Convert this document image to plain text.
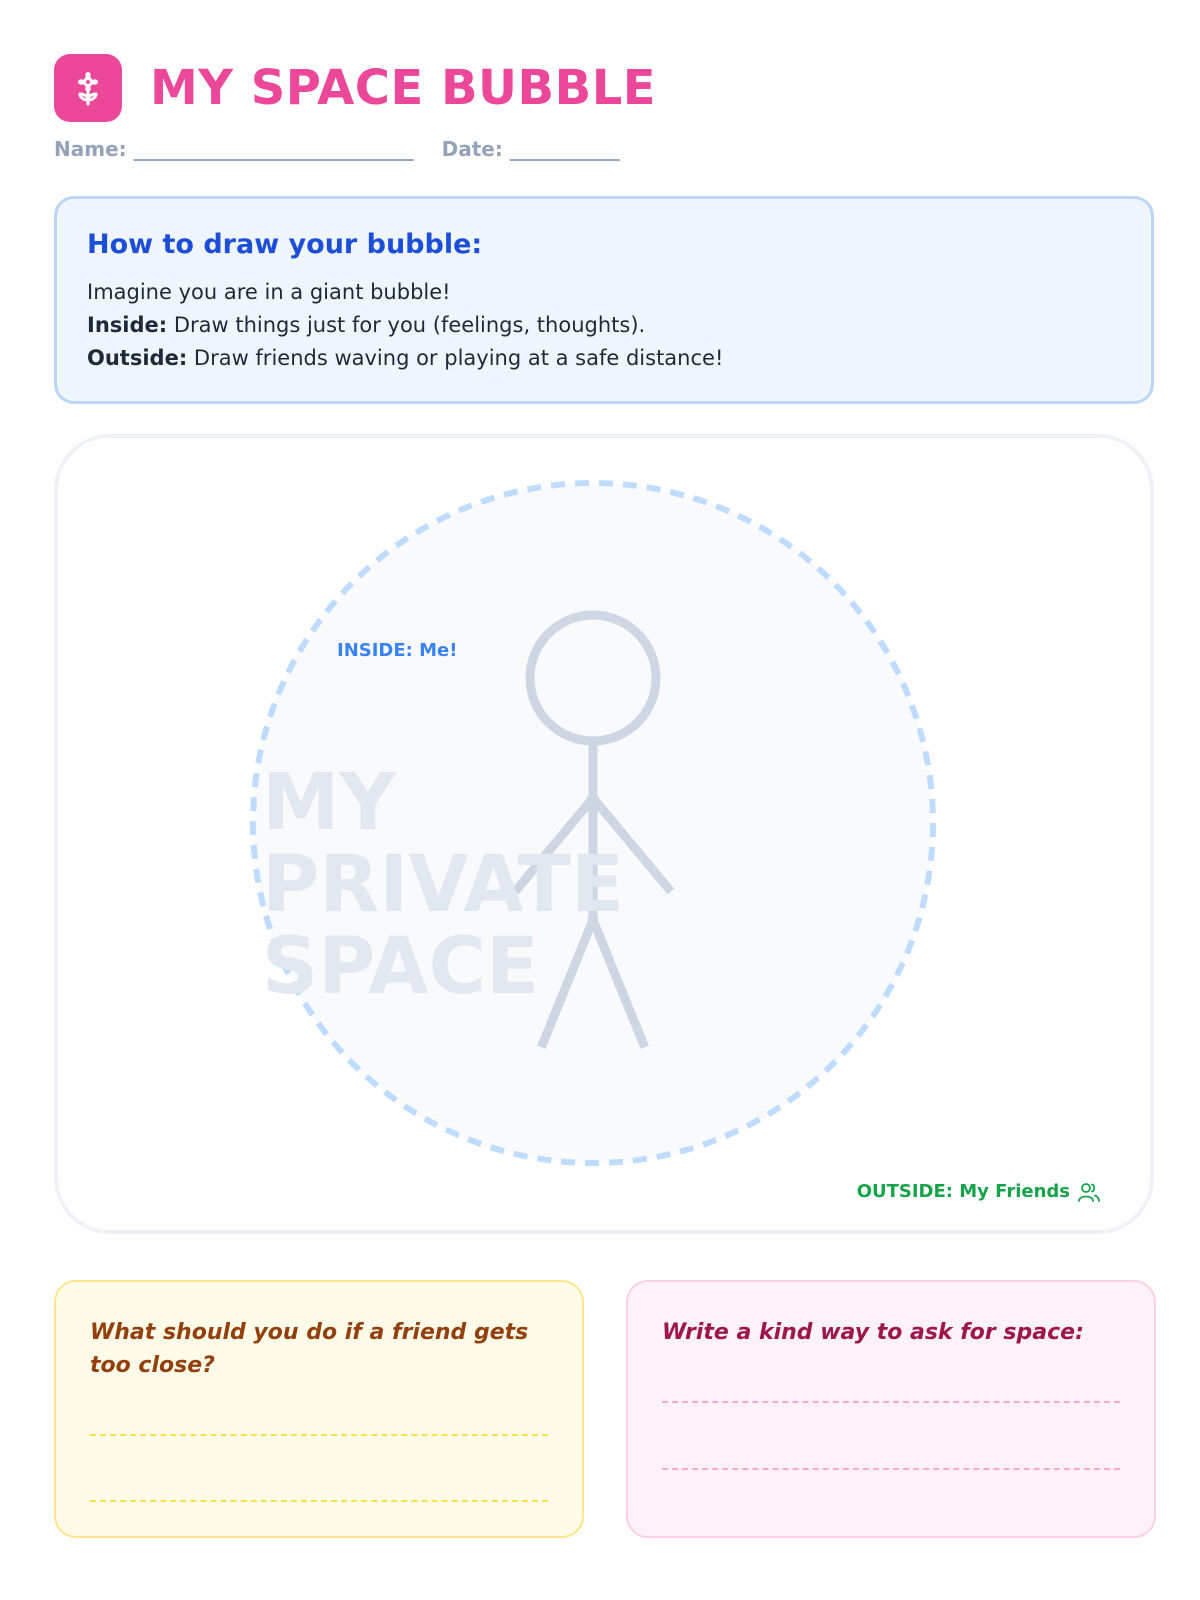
MY SPACE BUBBLE
Name: ____________________________ Date: ___________
How to draw your bubble:

Imagine you are in a giant bubble!

Inside: Draw things just for you (feelings, thoughts).

Outside: Draw friends waving or playing at a safe distance!

INSIDE: Me!
MY PRIVATE
SPACE
OUTSIDE: My Friends
What should you do if a friend gets too close?
Write a kind way to ask for space:
